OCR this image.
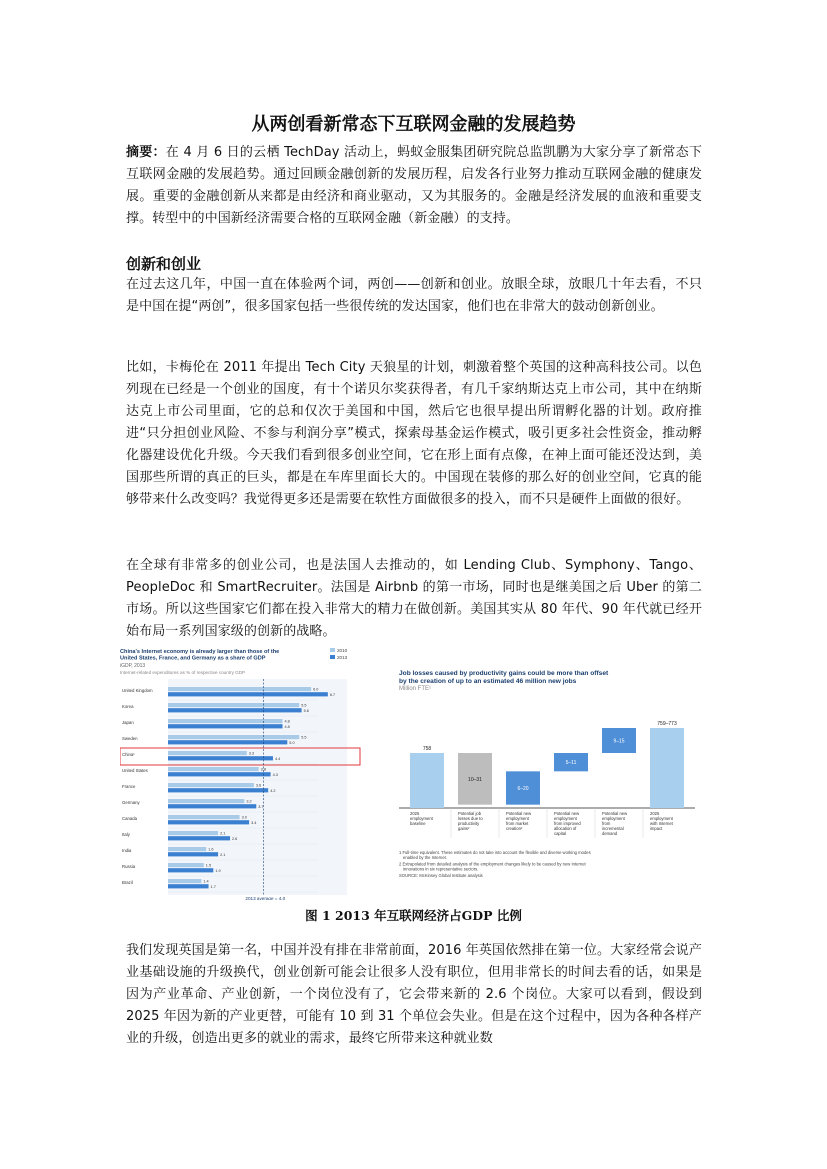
从两创看新常态下互联网金融的发展趋势

摘要：在 4 月 6 日的云栖 TechDay 活动上，蚂蚁金服集团研究院总监凯鹏为大家分享了新常态下互联网金融的发展趋势。通过回顾金融创新的发展历程，启发各行业努力推动互联网金融的健康发展。重要的金融创新从来都是由经济和商业驱动，又为其服务的。金融是经济发展的血液和重要支撑。转型中的中国新经济需要合格的互联网金融（新金融）的支持。

创新和创业

在过去这几年，中国一直在体验两个词，两创——创新和创业。放眼全球，放眼几十年去看，不只是中国在提“两创”，很多国家包括一些很传统的发达国家，他们也在非常大的鼓动创新创业。

比如，卡梅伦在 2011 年提出 Tech City 天狼星的计划，刺激着整个英国的这种高科技公司。以色列现在已经是一个创业的国度，有十个诺贝尔奖获得者，有几千家纳斯达克上市公司，其中在纳斯达克上市公司里面，它的总和仅次于美国和中国，然后它也很早提出所谓孵化器的计划。政府推进“只分担创业风险、不参与利润分享”模式，探索母基金运作模式，吸引更多社会性资金，推动孵化器建设优化升级。今天我们看到很多创业空间，它在形上面有点像，在神上面可能还没达到，美国那些所谓的真正的巨头，都是在车库里面长大的。中国现在装修的那么好的创业空间，它真的能够带来什么改变吗？我觉得更多还是需要在软性方面做很多的投入，而不只是硬件上面做的很好。

在全球有非常多的创业公司，也是法国人去推动的，如 Lending Club、Symphony、Tango、PeopleDoc 和 SmartRecruiter。法国是 Airbnb 的第一市场，同时也是继美国之后 Uber 的第二市场。所以这些国家它们都在投入非常大的精力在做创新。美国其实从 80 年代、90 年代就已经开始布局一系列国家级的创新的战略。

China's Internet economy is already larger than those of the United States, France, and Germany as a share of GDP
iGDP, 2013
Internet-related expenditures as % of respective country GDP
2010
2013
United Kingdom	6.0
6.7
Korea	5.5
5.6
Japan	4.8
4.8
Sweden	5.5
5.0
China¹	3.3
4.4
United States	3.8
4.3
France	3.6
4.2
Germany	3.2
3.7
Canada	3.0
3.4
Italy	2.1
2.6
India	1.6
2.1
Russia	1.5
1.9
Brazil	1.4
1.7
2013 average = 4.0
Job losses caused by productivity gains could be more than offset
by the creation of up to an estimated 46 million new jobs
Million FTE¹
758
2025 employment baseline
10–31
Potential job losses due to productivity gains²
6–20
Potential new employment from market creation²
5–11
Potential new employment from improved allocation of capital
9–15
Potential new employment from incremental demand
759–773
2025 employment with Internet impact
1 Full-time equivalent. These estimates do not take into account the flexible and diverse working modes enabled by the Internet.
2 Extrapolated from detailed analysis of the employment changes likely to be caused by new Internet innovations in six representative sectors.
SOURCE: McKinsey Global Institute analysis

图 1 2013 年互联网经济占GDP 比例

我们发现英国是第一名，中国并没有排在非常前面，2016 年英国依然排在第一位。大家经常会说产业基础设施的升级换代，创业创新可能会让很多人没有职位，但用非常长的时间去看的话，如果是因为产业革命、产业创新，一个岗位没有了，它会带来新的 2.6 个岗位。大家可以看到，假设到 2025 年因为新的产业更替，可能有 10 到 31 个单位会失业。但是在这个过程中，因为各种各样产业的升级，创造出更多的就业的需求，最终它所带来这种就业数
